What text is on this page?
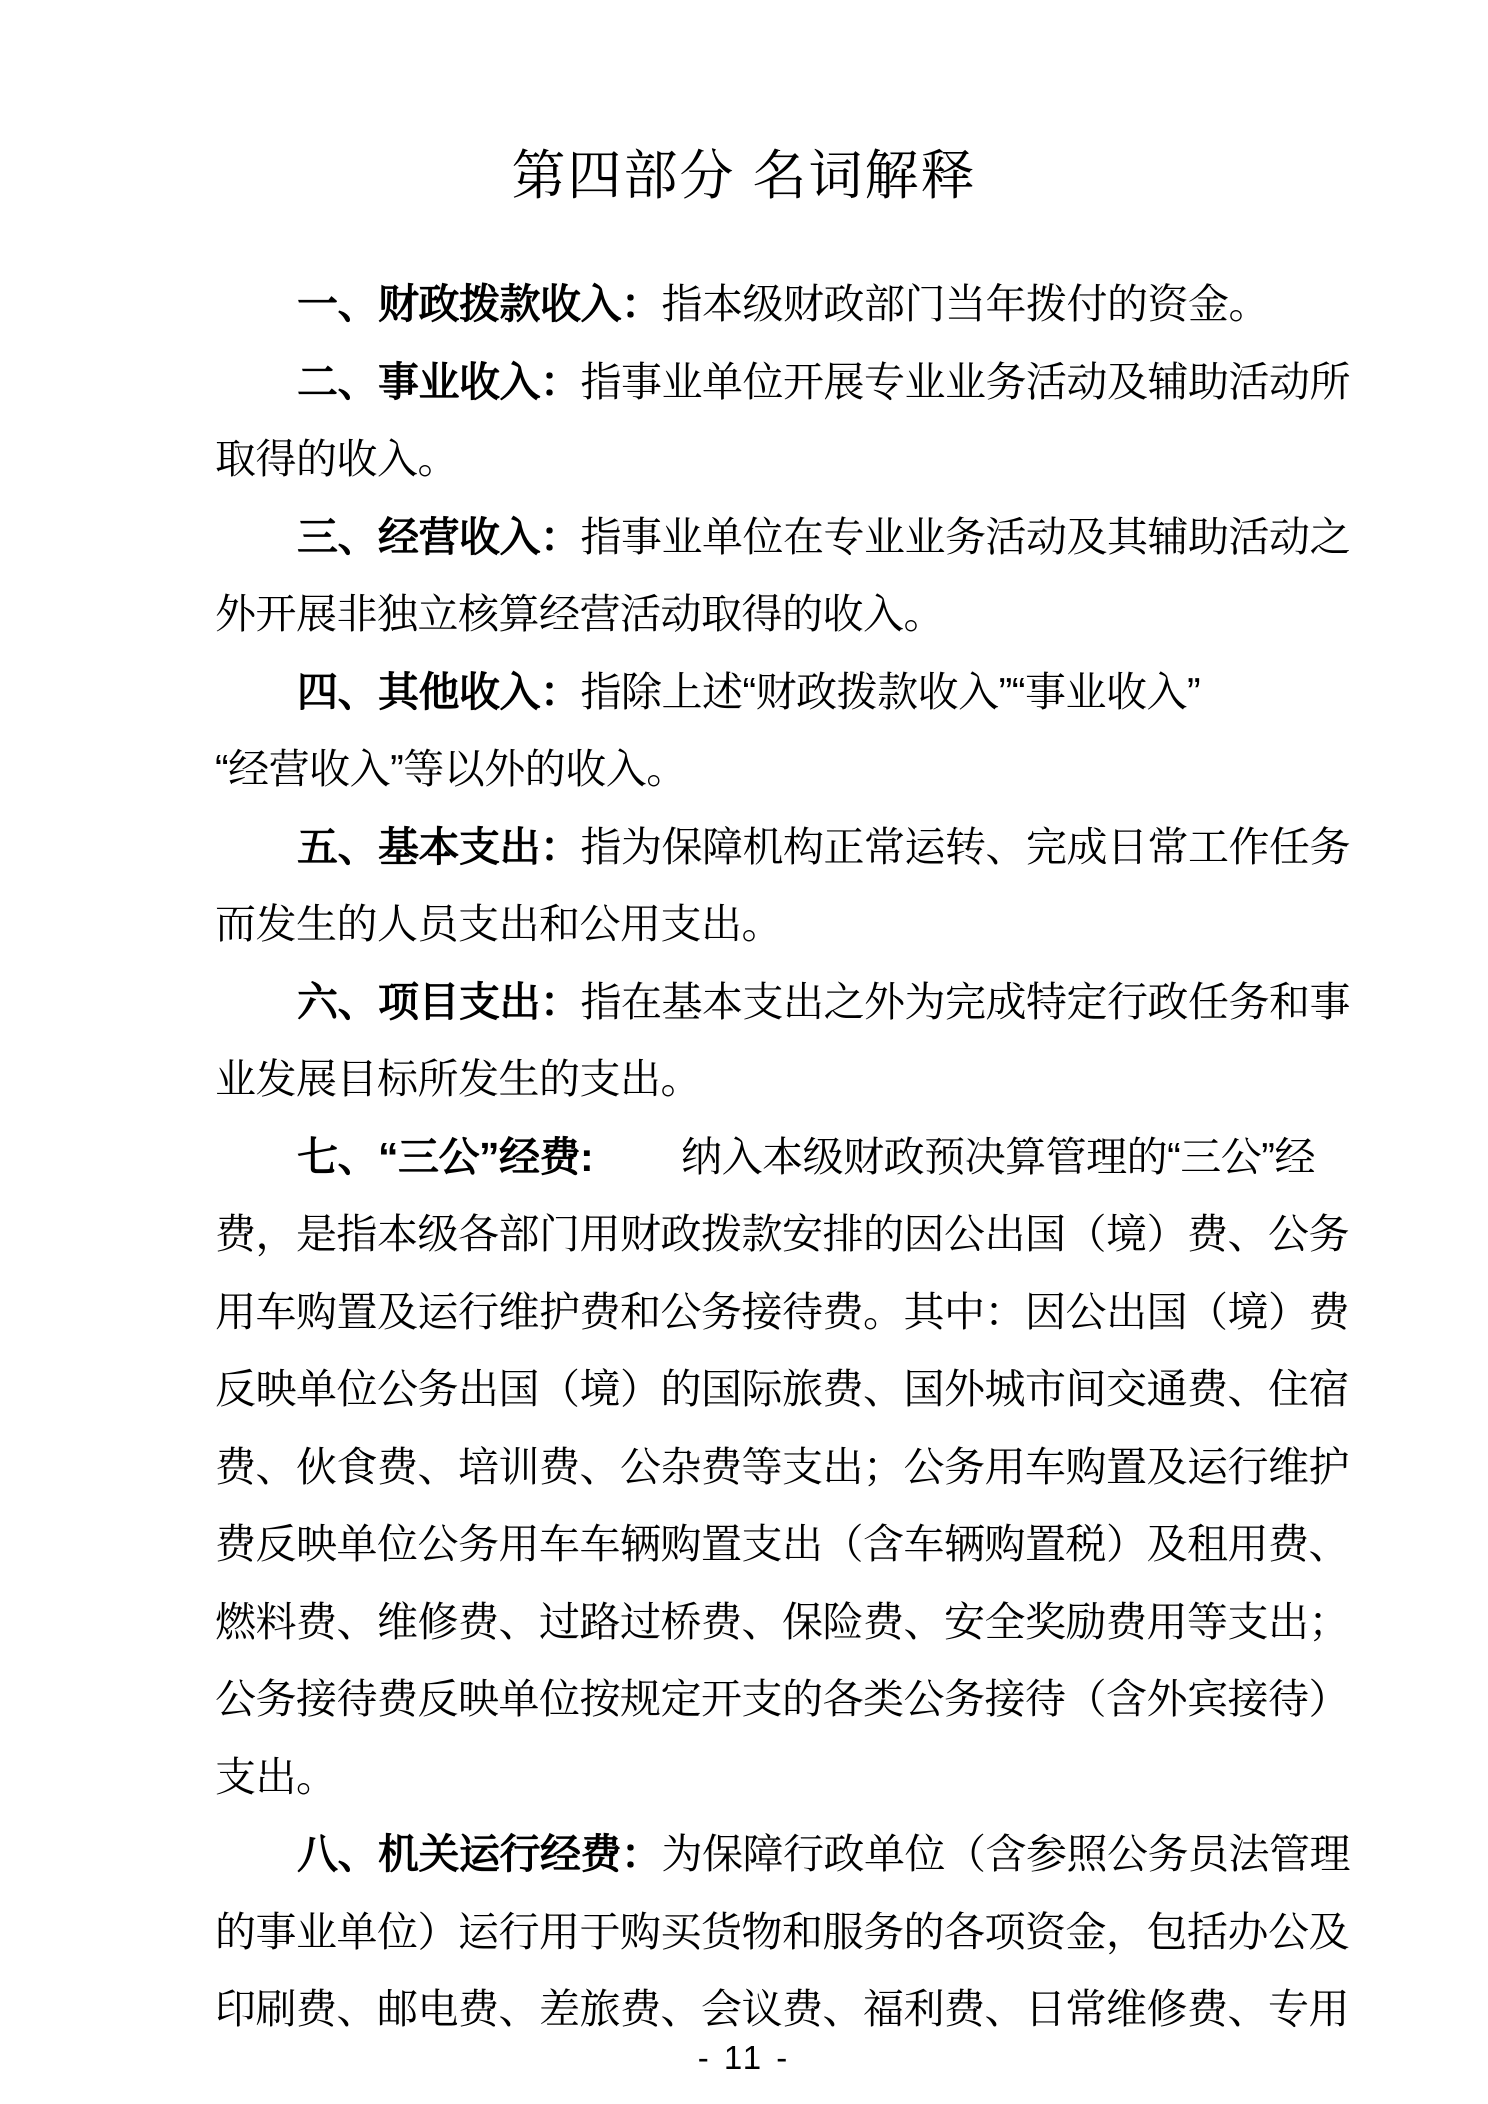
第四部分 名词解释
一、财政拨款收入：指本级财政部门当年拨付的资金。
二、事业收入：指事业单位开展专业业务活动及辅助活动所
取得的收入。
三、经营收入：指事业单位在专业业务活动及其辅助活动之
外开展非独立核算经营活动取得的收入。
四、其他收入：指除上述“财政拨款收入”“事业收入”
“经营收入”等以外的收入。
五、基本支出：指为保障机构正常运转、完成日常工作任务
而发生的人员支出和公用支出。
六、项目支出：指在基本支出之外为完成特定行政任务和事
业发展目标所发生的支出。
七、“三公”经费: 纳入本级财政预决算管理的“三公”经
费，是指本级各部门用财政拨款安排的因公出国（境）费、公务
用车购置及运行维护费和公务接待费。其中：因公出国（境）费
反映单位公务出国（境）的国际旅费、国外城市间交通费、住宿
费、伙食费、培训费、公杂费等支出；公务用车购置及运行维护
费反映单位公务用车车辆购置支出（含车辆购置税）及租用费、
燃料费、维修费、过路过桥费、保险费、安全奖励费用等支出；
公务接待费反映单位按规定开支的各类公务接待（含外宾接待）
支出。
八、机关运行经费：为保障行政单位（含参照公务员法管理
的事业单位）运行用于购买货物和服务的各项资金，包括办公及
印刷费、邮电费、差旅费、会议费、福利费、日常维修费、专用
- 11 -
